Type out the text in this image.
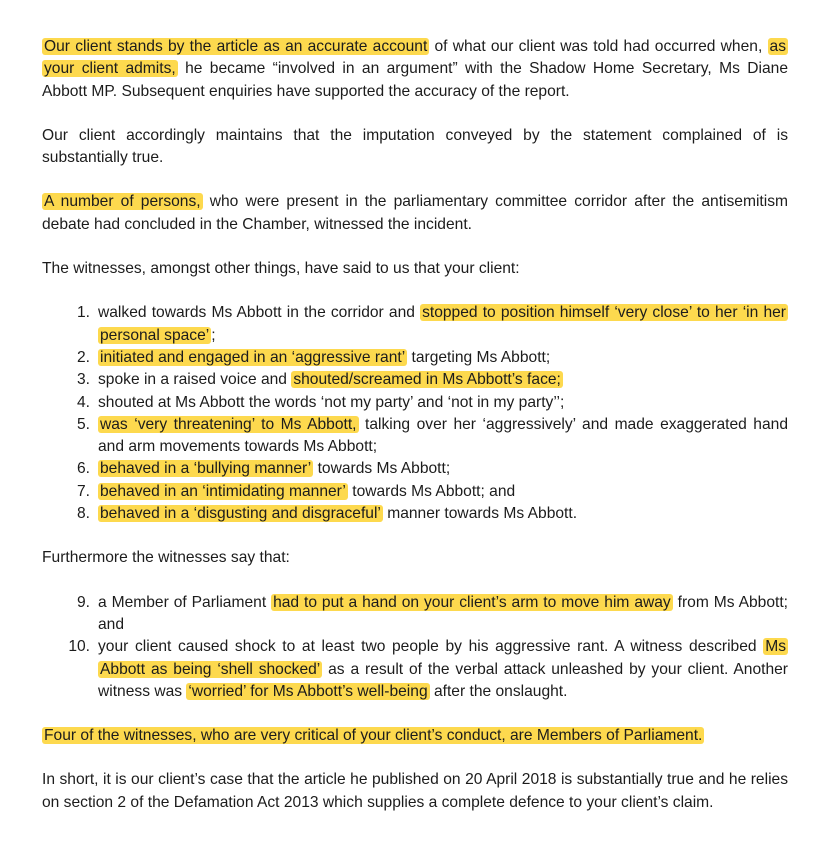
Our client stands by the article as an accurate account of what our client was told had occurred when, as your client admits, he became “involved in an argument” with the Shadow Home Secretary, Ms Diane Abbott MP. Subsequent enquiries have supported the accuracy of the report.

Our client accordingly maintains that the imputation conveyed by the statement complained of is substantially true.

A number of persons, who were present in the parliamentary committee corridor after the antisemitism debate had concluded in the Chamber, witnessed the incident.

The witnesses, amongst other things, have said to us that your client:

1. walked towards Ms Abbott in the corridor and stopped to position himself ‘very close’ to her ‘in her personal space’ ;
2. initiated and engaged in an ‘aggressive rant’ targeting Ms Abbott;
3. spoke in a raised voice and shouted/screamed in Ms Abbott’s face;
4. shouted at Ms Abbott the words ‘not my party’ and ‘not in my party’’;
5. was ‘very threatening’ to Ms Abbott, talking over her ‘aggressively’ and made exaggerated hand and arm movements towards Ms Abbott;
6. behaved in a ‘bullying manner’ towards Ms Abbott;
7. behaved in an ‘intimidating manner’ towards Ms Abbott; and
8. behaved in a ‘disgusting and disgraceful’ manner towards Ms Abbott.

Furthermore the witnesses say that:

9. a Member of Parliament had to put a hand on your client’s arm to move him away from Ms Abbott; and
10. your client caused shock to at least two people by his aggressive rant. A witness described Ms Abbott as being ‘shell shocked’ as a result of the verbal attack unleashed by your client. Another witness was ‘worried’ for Ms Abbott’s well-being after the onslaught.

Four of the witnesses, who are very critical of your client’s conduct, are Members of Parliament.

In short, it is our client’s case that the article he published on 20 April 2018 is substantially true and he relies on section 2 of the Defamation Act 2013 which supplies a complete defence to your client’s claim.
